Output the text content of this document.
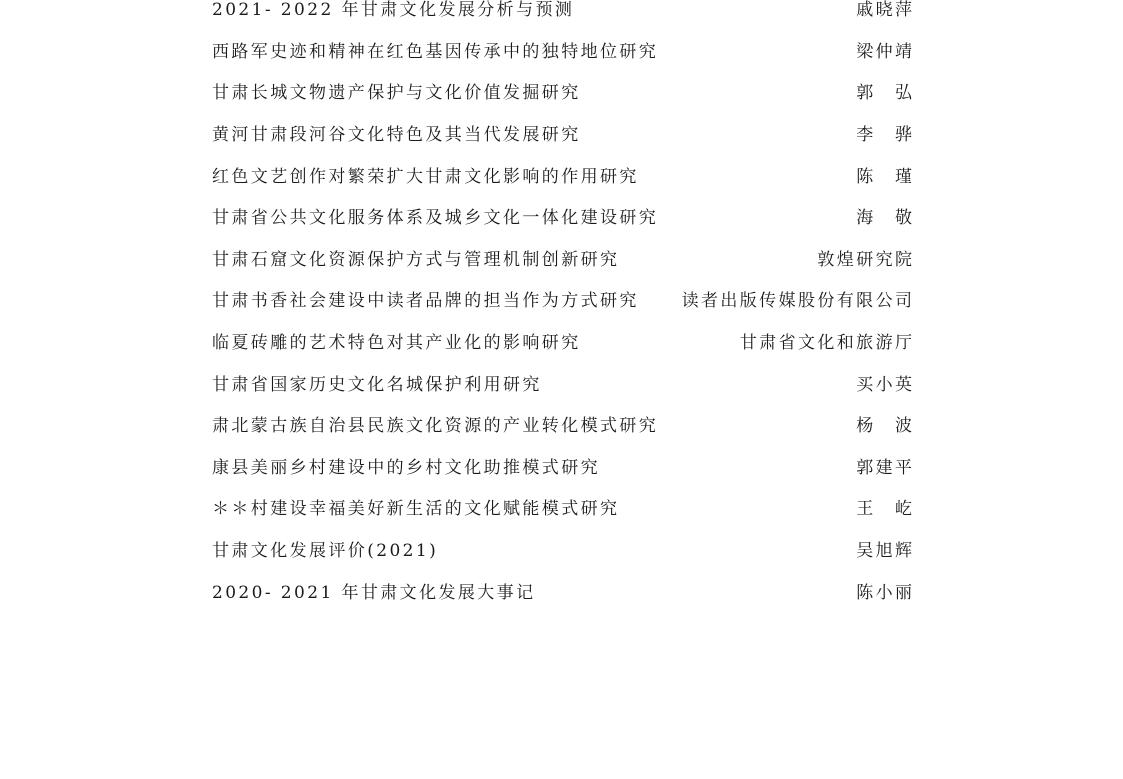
2021- 2022 年甘肃文化发展分析与预测	戚晓萍
西路军史迹和精神在红色基因传承中的独特地位研究	梁仲靖
甘肃长城文物遗产保护与文化价值发掘研究	郭　弘
黄河甘肃段河谷文化特色及其当代发展研究	李　骅
红色文艺创作对繁荣扩大甘肃文化影响的作用研究	陈　瑾
甘肃省公共文化服务体系及城乡文化一体化建设研究	海　敬
甘肃石窟文化资源保护方式与管理机制创新研究	敦煌研究院
甘肃书香社会建设中读者品牌的担当作为方式研究	读者出版传媒股份有限公司
临夏砖雕的艺术特色对其产业化的影响研究	甘肃省文化和旅游厅
甘肃省国家历史文化名城保护利用研究	买小英
肃北蒙古族自治县民族文化资源的产业转化模式研究	杨　波
康县美丽乡村建设中的乡村文化助推模式研究	郭建平
＊＊村建设幸福美好新生活的文化赋能模式研究	王　屹
甘肃文化发展评价(2021)	吴旭辉
2020- 2021 年甘肃文化发展大事记	陈小丽
